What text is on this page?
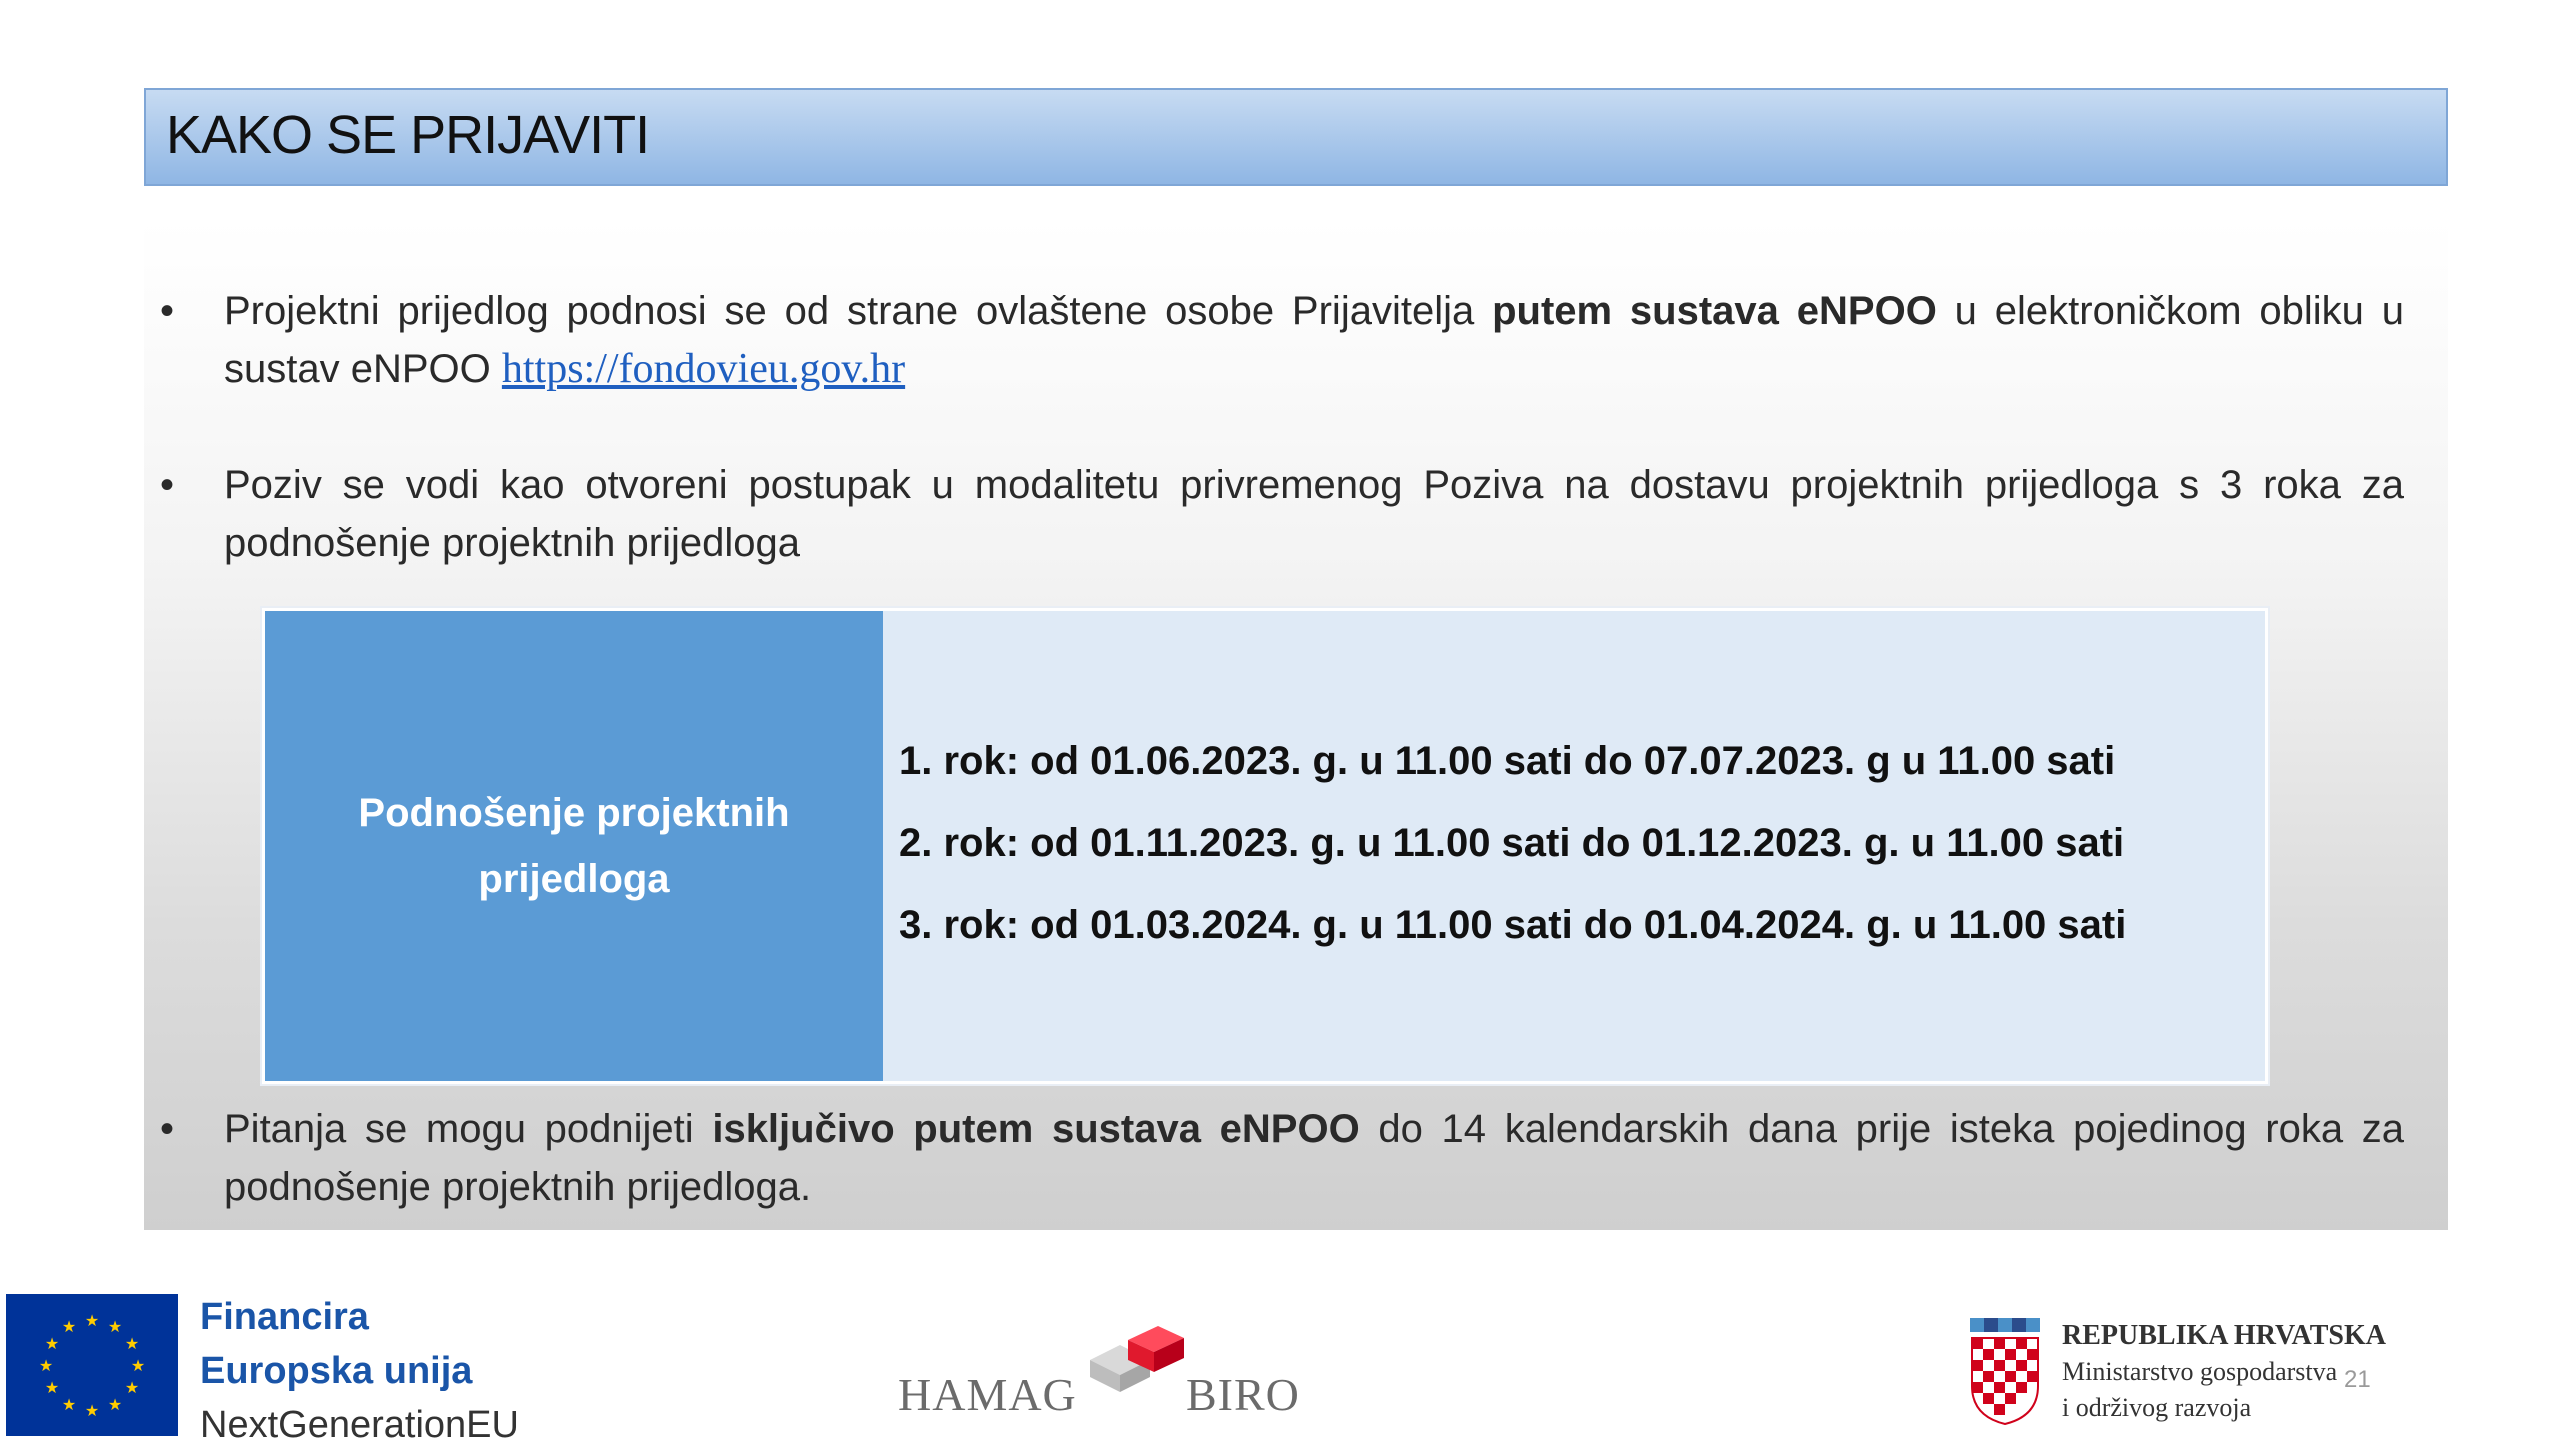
KAKO SE PRIJAVITI
• Projektni prijedlog podnosi se od strane ovlaštene osobe Prijavitelja putem sustava eNPOO u elektroničkom obliku u sustav eNPOO https://fondovieu.gov.hr
• Poziv se vodi kao otvoreni postupak u modalitetu privremenog Poziva na dostavu projektnih prijedloga s 3 roka za podnošenje projektnih prijedloga
Podnošenje projektnih prijedloga
1. rok: od 01.06.2023. g. u 11.00 sati do 07.07.2023. g u 11.00 sati
2. rok: od 01.11.2023. g. u 11.00 sati do 01.12.2023. g. u 11.00 sati
3. rok: od 01.03.2024. g. u 11.00 sati do 01.04.2024. g. u 11.00 sati
• Pitanja se mogu podnijeti isključivo putem sustava eNPOO do 14 kalendarskih dana prije isteka pojedinog roka za podnošenje projektnih prijedloga.
★ ★
★
★
★
★
★
★
★
★
★
★	Financira
Europska unija
NextGenerationEU
HAMAG BIRO
REPUBLIKA HRVATSKA
Ministarstvo gospodarstva
i održivog razvoja
21
